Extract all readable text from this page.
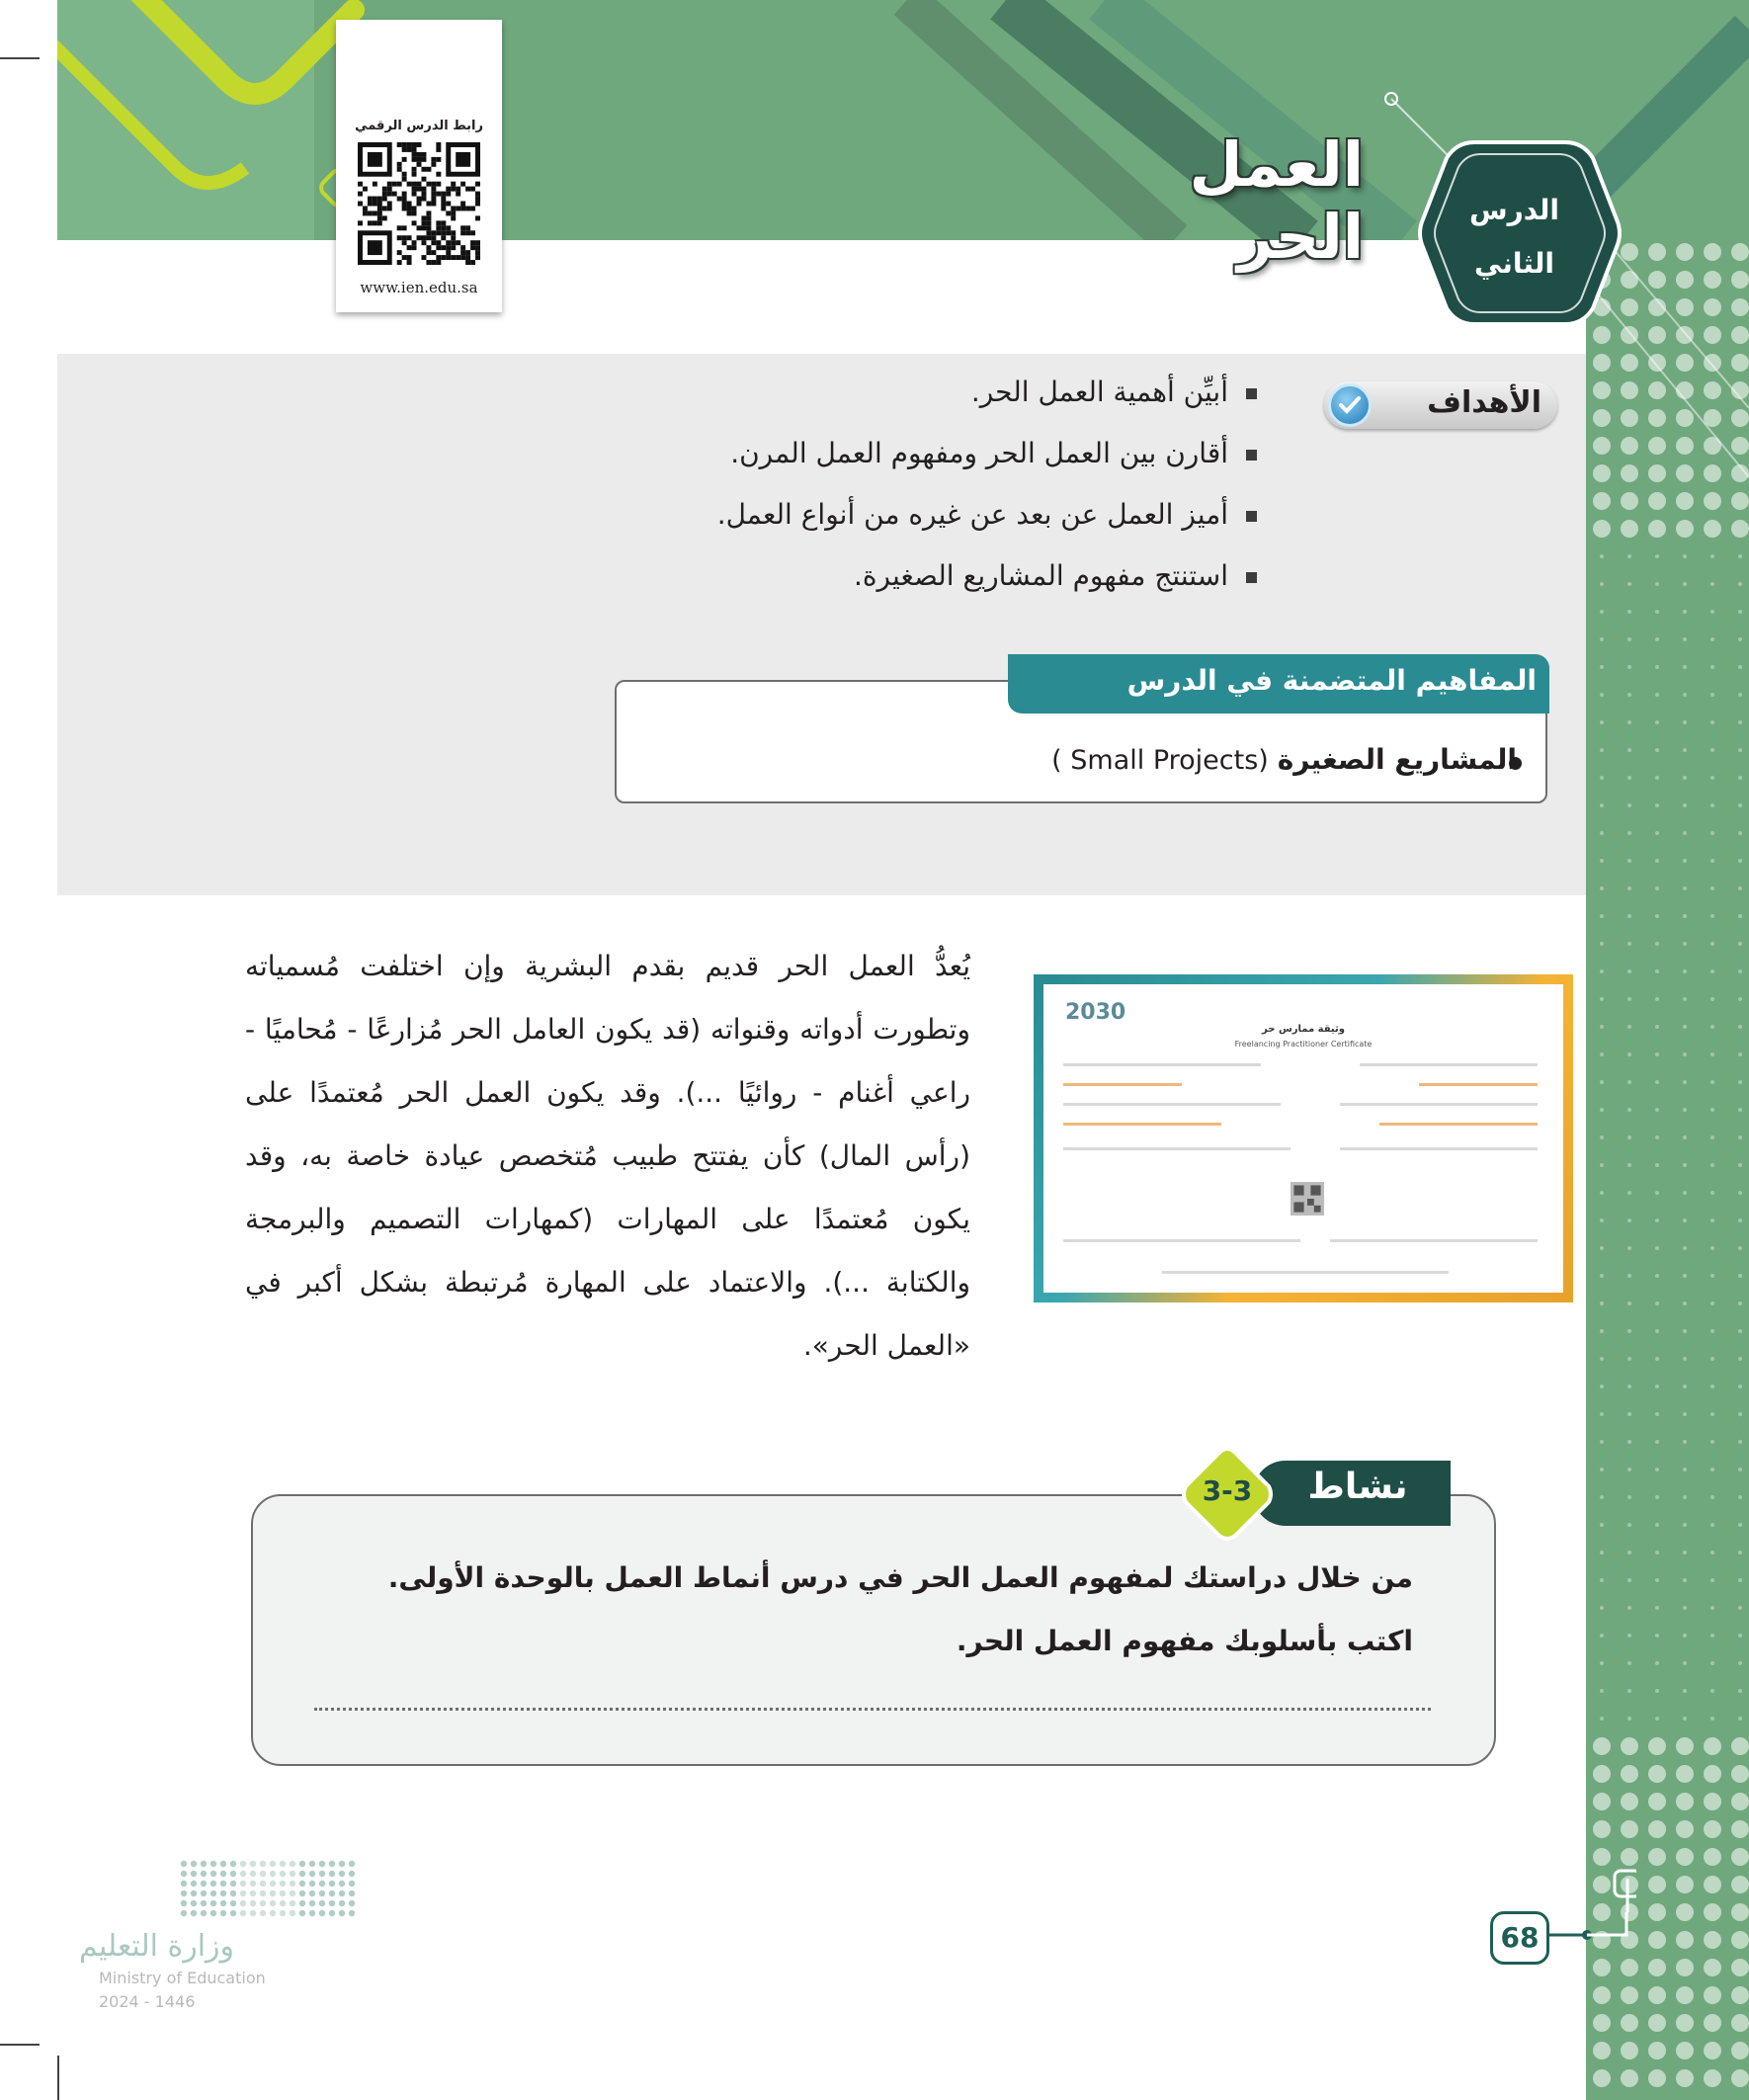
العمل الحر	الدرس
الثاني
رابط الدرس الرقمي
www.ien.edu.sa
الأهداف
أبيِّن أهمية العمل الحر.
أقارن بين العمل الحر ومفهوم العمل المرن.
أميز العمل عن بعد عن غيره من أنواع العمل.
استنتج مفهوم المشاريع الصغيرة.
المفاهيم المتضمنة في الدرس
المشاريع الصغيرة ( Small Projects)
يُعدُّ العمل الحر قديم بقدم البشرية وإن اختلفت مُسمياته وتطورت أدواته وقنواته (قد يكون العامل الحر مُزارعًا - مُحاميًا - راعي أغنام - روائيًا ...). وقد يكون العمل الحر مُعتمدًا على (رأس المال) كأن يفتتح طبيب مُتخصص عيادة خاصة به، وقد يكون مُعتمدًا على المهارات (كمهارات التصميم والبرمجة والكتابة ...). والاعتماد على المهارة مُرتبطة بشكل أكبر في «العمل الحر».
2030
وثيقة ممارس حر
Freelancing Practitioner Certificate
نشاط
3-3
من خلال دراستك لمفهوم العمل الحر في درس أنماط العمل بالوحدة الأولى.
اكتب بأسلوبك مفهوم العمل الحر.
68
وزارة التعليم
Ministry of Education
2024 - 1446
